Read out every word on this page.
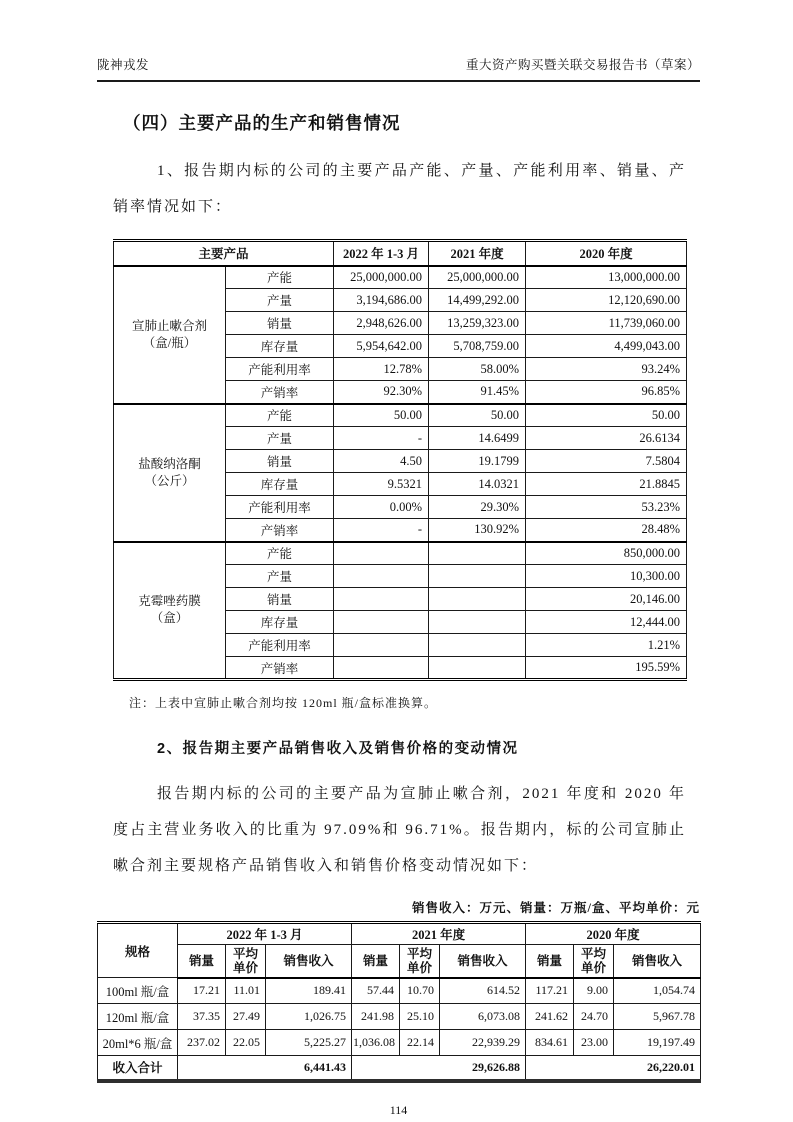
陇神戎发	重大资产购买暨关联交易报告书（草案）
（四）主要产品的生产和销售情况

1、报告期内标的公司的主要产品产能、产量、产能利用率、销量、产销率情况如下：

主要产品		2022 年 1-3 月	2021 年度	2020 年度
宣肺止嗽合剂
（盒/瓶）	产能	25,000,000.00	25,000,000.00	13,000,000.00
	产量	3,194,686.00	14,499,292.00	12,120,690.00
	销量	2,948,626.00	13,259,323.00	11,739,060.00
	库存量	5,954,642.00	5,708,759.00	4,499,043.00
	产能利用率	12.78%	58.00%	93.24%
	产销率	92.30%	91.45%	96.85%
盐酸纳洛酮
（公斤）	产能	50.00	50.00	50.00
	产量	-	14.6499	26.6134
	销量	4.50	19.1799	7.5804
	库存量	9.5321	14.0321	21.8845
	产能利用率	0.00%	29.30%	53.23%
	产销率	-	130.92%	28.48%
克霉唑药膜
（盒）	产能			850,000.00
	产量			10,300.00
	销量			20,146.00
	库存量			12,444.00
	产能利用率			1.21%
	产销率			195.59%

注：上表中宣肺止嗽合剂均按 120ml 瓶/盒标准换算。

2、报告期主要产品销售收入及销售价格的变动情况

报告期内标的公司的主要产品为宣肺止嗽合剂，2021 年度和 2020 年度占主营业务收入的比重为 97.09%和 96.71%。报告期内，标的公司宣肺止嗽合剂主要规格产品销售收入和销售价格变动情况如下：

销售收入：万元、销量：万瓶/盒、平均单价：元
规格	2022 年 1-3 月			2021 年度			2020 年度		
	销量	平均单价	销售收入	销量	平均单价	销售收入	销量	平均单价	销售收入
100ml 瓶/盒	17.21	11.01	189.41	57.44	10.70	614.52	117.21	9.00	1,054.74
120ml 瓶/盒	37.35	27.49	1,026.75	241.98	25.10	6,073.08	241.62	24.70	5,967.78
20ml*6 瓶/盒	237.02	22.05	5,225.27	1,036.08	22.14	22,939.29	834.61	23.00	19,197.49
收入合计	6,441.43			29,626.88			26,220.01		
114
